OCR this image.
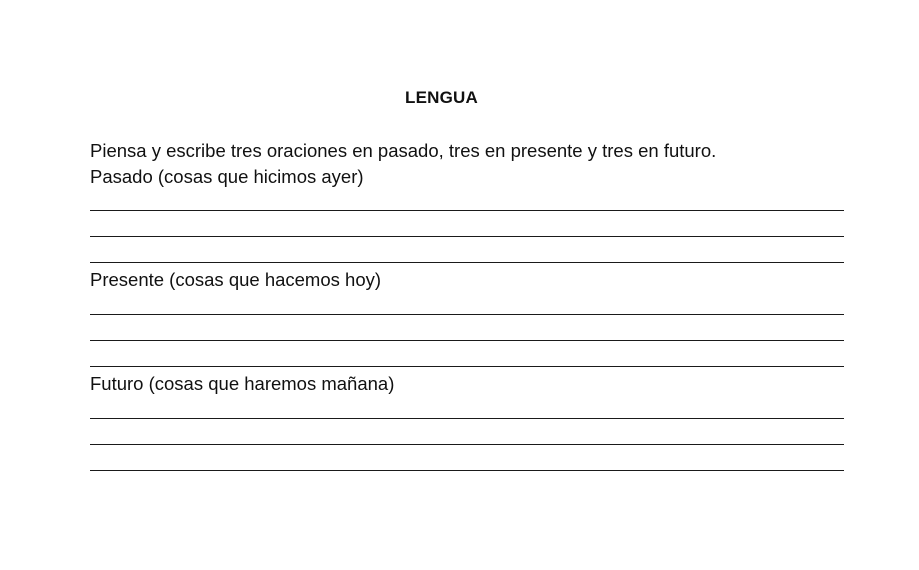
LENGUA
Piensa y escribe tres oraciones en pasado, tres en presente y tres en futuro.
Pasado (cosas que hicimos ayer)
Presente (cosas que hacemos hoy)
Futuro (cosas que haremos mañana)
